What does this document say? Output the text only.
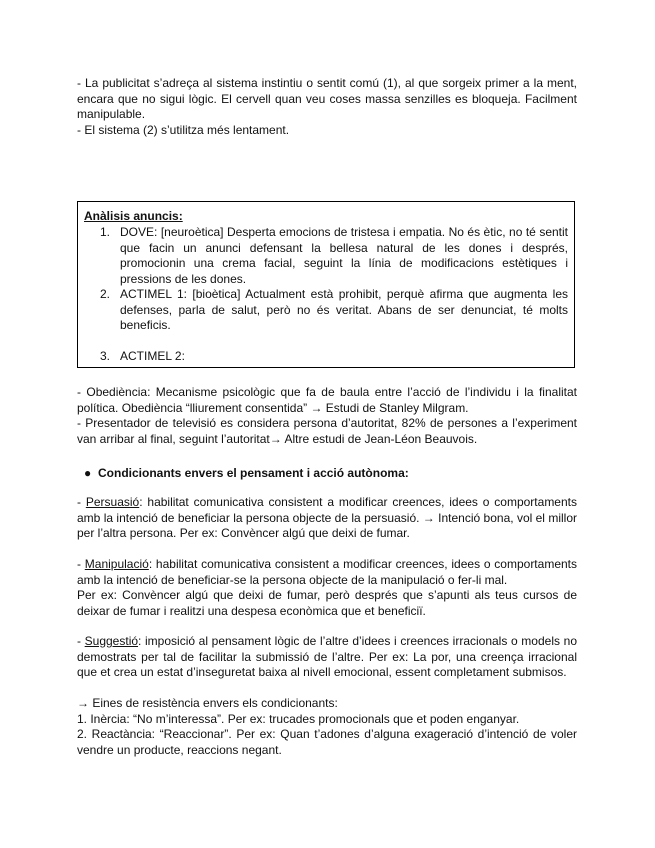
- La publicitat s’adreça al sistema instintiu o sentit comú (1), al que sorgeix primer a la ment, encara que no sigui lògic. El cervell quan veu coses massa senzilles es bloqueja. Facilment manipulable.

- El sistema (2) s’utilitza més lentament.

Anàlisis anuncis:
1. DOVE: [neuroètica] Desperta emocions de tristesa i empatia. No és ètic, no té sentit que facin un anunci defensant la bellesa natural de les dones i després, promocionin una crema facial, seguint la línia de modificacions estètiques i pressions de les dones.

2. ACTIMEL 1: [bioètica] Actualment està prohibit, perquè afirma que augmenta les defenses, parla de salut, però no és veritat. Abans de ser denunciat, té molts beneficis.

3. ACTIMEL 2:

- Obediència: Mecanisme psicològic que fa de baula entre l’acció de l’individu i la finalitat política. Obediència “lliurement consentida” → Estudi de Stanley Milgram.

- Presentador de televisió es considera persona d’autoritat, 82% de persones a l’experiment van arribar al final, seguint l’autoritat→ Altre estudi de Jean-Léon Beauvois.

● Condicionants envers el pensament i acció autònoma:

- Persuasió: habilitat comunicativa consistent a modificar creences, idees o comportaments amb la intenció de beneficiar la persona objecte de la persuasió. → Intenció bona, vol el millor per l’altra persona. Per ex: Convèncer algú que deixi de fumar.

- Manipulació: habilitat comunicativa consistent a modificar creences, idees o comportaments amb la intenció de beneficiar-se la persona objecte de la manipulació o fer-li mal.

Per ex: Convèncer algú que deixi de fumar, però després que s’apunti als teus cursos de deixar de fumar i realitzi una despesa econòmica que et beneficiï.

- Suggestió: imposició al pensament lògic de l’altre d’idees i creences irracionals o models no demostrats per tal de facilitar la submissió de l’altre. Per ex: La por, una creença irracional que et crea un estat d’inseguretat baixa al nivell emocional, essent completament submisos.

→ Eines de resistència envers els condicionants:

1. Inèrcia: “No m’interessa”. Per ex: trucades promocionals que et poden enganyar.

2. Reactància: “Reaccionar”. Per ex: Quan t’adones d’alguna exageració d’intenció de voler vendre un producte, reaccions negant.
